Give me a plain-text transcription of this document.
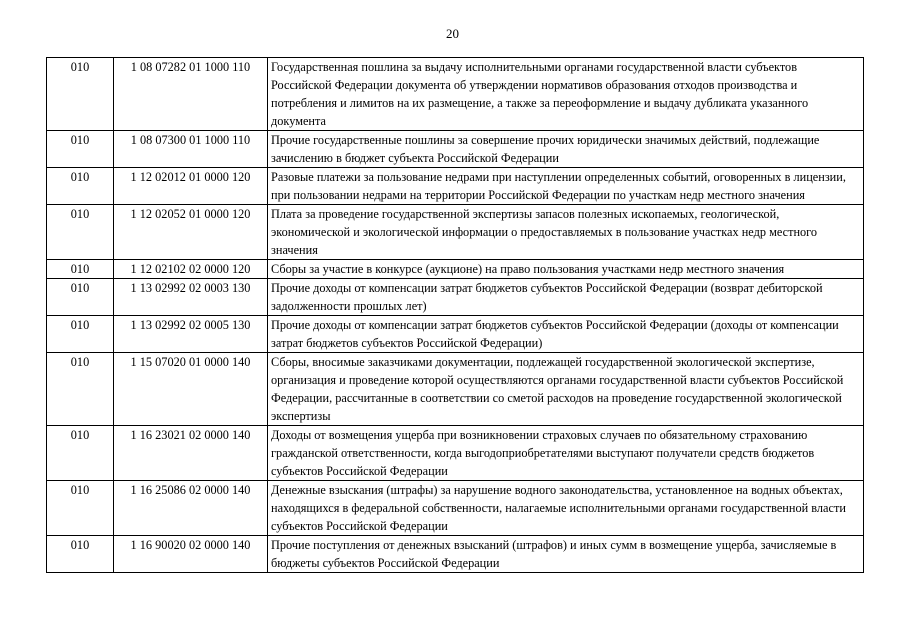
20
010	1 08 07282 01 1000 110	Государственная пошлина за выдачу исполнительными органами государственной власти субъектов Российской Федерации документа об утверждении нормативов образования отходов производства и потребления и лимитов на их размещение, а также за переоформление и выдачу дубликата указанного документа
010	1 08 07300 01 1000 110	Прочие государственные пошлины за совершение прочих юридически значимых действий, подлежащие зачислению в бюджет субъекта Российской Федерации
010	1 12 02012 01 0000 120	Разовые платежи за пользование недрами при наступлении определенных событий, оговоренных в лицензии, при пользовании недрами на территории Российской Федерации по участкам недр местного значения
010	1 12 02052 01 0000 120	Плата за проведение государственной экспертизы запасов полезных ископаемых, геологической, экономической и экологической информации о предоставляемых в пользование участках недр местного значения
010	1 12 02102 02 0000 120	Сборы за участие в конкурсе (аукционе) на право пользования участками недр местного значения
010	1 13 02992 02 0003 130	Прочие доходы от компенсации затрат бюджетов субъектов Российской Федерации (возврат дебиторской задолженности прошлых лет)
010	1 13 02992 02 0005 130	Прочие доходы от компенсации затрат бюджетов субъектов Российской Федерации (доходы от компенсации затрат бюджетов субъектов Российской Федерации)
010	1 15 07020 01 0000 140	Сборы, вносимые заказчиками документации, подлежащей государственной экологической экспертизе, организация и проведение которой осуществляются органами государственной власти субъектов Российской Федерации, рассчитанные в соответствии со сметой расходов на проведение государственной экологической экспертизы
010	1 16 23021 02 0000 140	Доходы от возмещения ущерба при возникновении страховых случаев по обязательному страхованию гражданской ответственности, когда выгодоприобретателями выступают получатели средств бюджетов субъектов Российской Федерации
010	1 16 25086 02 0000 140	Денежные взыскания (штрафы) за нарушение водного законодательства, установленное на водных объектах, находящихся в федеральной собственности, налагаемые исполнительными органами государственной власти субъектов Российской Федерации
010	1 16 90020 02 0000 140	Прочие поступления от денежных взысканий (штрафов) и иных сумм в возмещение ущерба, зачисляемые в бюджеты субъектов Российской Федерации
